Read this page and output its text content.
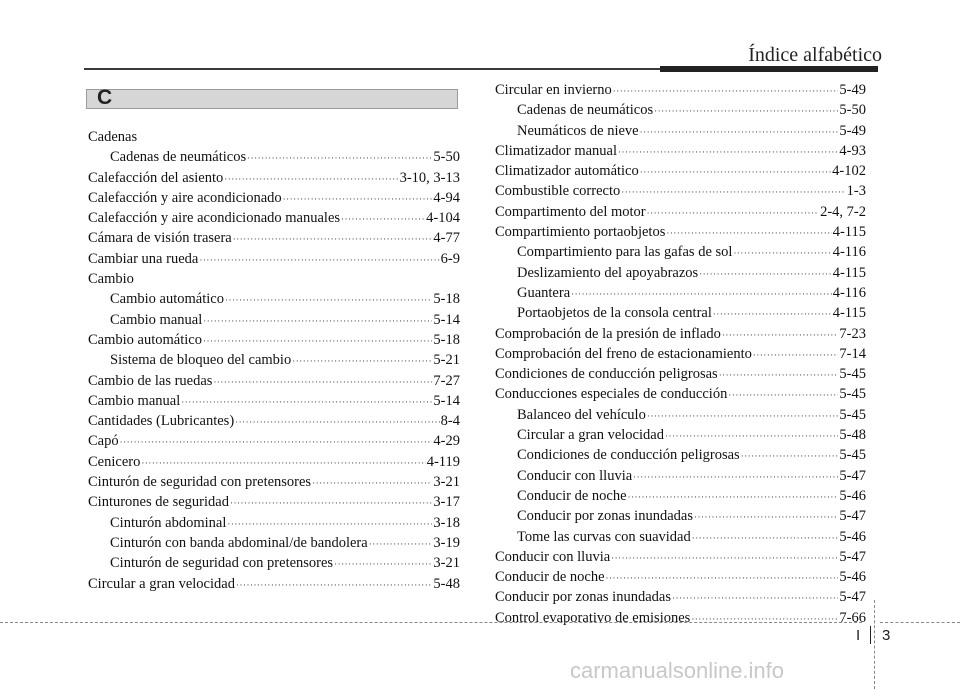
Índice alfabético
C
Cadenas
Cadenas de neumáticos ·····	5-50
Calefacción del asiento ·····	3-10, 3-13
Calefacción y aire acondicionado ·····	4-94
Calefacción y aire acondicionado manuales ·····	4-104
Cámara de visión trasera ·····	4-77
Cambiar una rueda ·····	6-9
Cambio
Cambio automático ·····	5-18
Cambio manual ·····	5-14
Cambio automático ·····	5-18
Sistema de bloqueo del cambio ·····	5-21
Cambio de las ruedas ·····	7-27
Cambio manual ·····	5-14
Cantidades (Lubricantes) ·····	8-4
Capó ·····	4-29
Cenicero ·····	4-119
Cinturón de seguridad con pretensores ·····	3-21
Cinturones de seguridad ·····	3-17
Cinturón abdominal ·····	3-18
Cinturón con banda abdominal/de bandolera ·····	3-19
Cinturón de seguridad con pretensores ·····	3-21
Circular a gran velocidad ·····	5-48
Circular en invierno ·····	5-49
Cadenas de neumáticos ·····	5-50
Neumáticos de nieve ·····	5-49
Climatizador manual ·····	4-93
Climatizador automático ·····	4-102
Combustible correcto ·····	1-3
Compartimento del motor ·····	2-4, 7-2
Compartimiento portaobjetos ·····	4-115
Compartimiento para las gafas de sol ·····	4-116
Deslizamiento del apoyabrazos ·····	4-115
Guantera ·····	4-116
Portaobjetos de la consola central ·····	4-115
Comprobación de la presión de inflado ·····	7-23
Comprobación del freno de estacionamiento ·····	7-14
Condiciones de conducción peligrosas ·····	5-45
Conducciones especiales de conducción ·····	5-45
Balanceo del vehículo ·····	5-45
Circular a gran velocidad ·····	5-48
Condiciones de conducción peligrosas ·····	5-45
Conducir con lluvia ·····	5-47
Conducir de noche ·····	5-46
Conducir por zonas inundadas ·····	5-47
Tome las curvas con suavidad ·····	5-46
Conducir con lluvia ·····	5-47
Conducir de noche ·····	5-46
Conducir por zonas inundadas ·····	5-47
Control evaporativo de emisiones ·····	7-66
I 3
carmanualsonline.info
